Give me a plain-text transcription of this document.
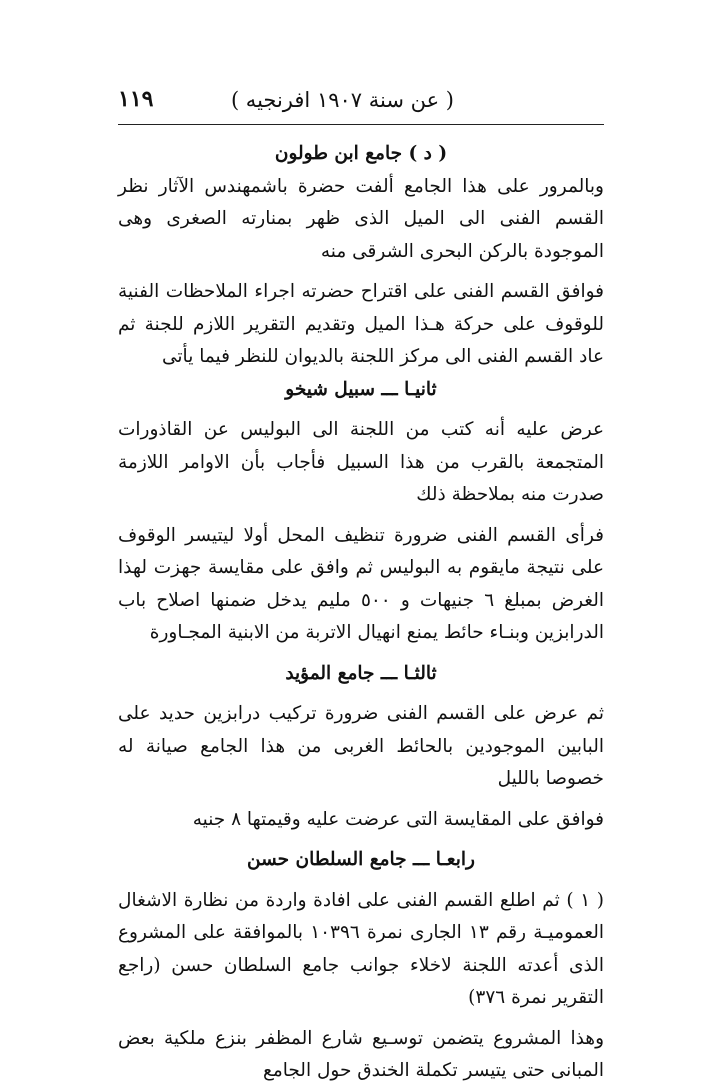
( عن سنة ١٩٠٧ افرنجيه )
١١٩

( د ) جامع ابن طولون

وبالمرور على هذا الجامع ألفت حضرة باشمهندس الآثار نظر القسم الفنى الى الميل الذى ظهر بمنارته الصغرى وهى الموجودة بالركن البحرى الشرقى منه

فوافق القسم الفنى على اقتراح حضرته اجراء الملاحظات الفنية للوقوف على حركة هـذا الميل وتقديم التقرير اللازم للجنة ثم عاد القسم الفنى الى مركز اللجنة بالديوان للنظر فيما يأتى

ثانيـا ـــ سبيل شيخو

عرض عليه أنه كتب من اللجنة الى البوليس عن القاذورات المتجمعة بالقرب من هذا السبيل فأجاب بأن الاوامر اللازمة صدرت منه بملاحظة ذلك

فرأى القسم الفنى ضرورة تنظيف المحل أولا ليتيسر الوقوف على نتيجة مايقوم به البوليس ثم وافق على مقايسة جهزت لهذا الغرض بمبلغ ٦ جنيهات و ٥٠٠ مليم يدخل ضمنها اصلاح باب الدرابزين وبنـاء حائط يمنع انهيال الاتربة من الابنية المجـاورة

ثالثـا ـــ جامع المؤيد

ثم عرض على القسم الفنى ضرورة تركيب درابزين حديد على البابين الموجودين بالحائط الغربى من هذا الجامع صيانة له خصوصا بالليل

فوافق على المقايسة التى عرضت عليه وقيمتها ٨ جنيه

رابعـا ـــ جامع السلطان حسن

( ١ ) ثم اطلع القسم الفنى على افادة واردة من نظارة الاشغال العموميـة رقم ١٣ الجارى نمرة ١٠٣٩٦ بالموافقة على المشروع الذى أعدته اللجنة لاخلاء جوانب جامع السلطان حسن (راجع التقرير نمرة ٣٧٦)

وهذا المشروع يتضمن توسـيع شارع المظفر بنزع ملكية بعض المبانى حتى يتيسر تكملة الخندق حول الجامع
